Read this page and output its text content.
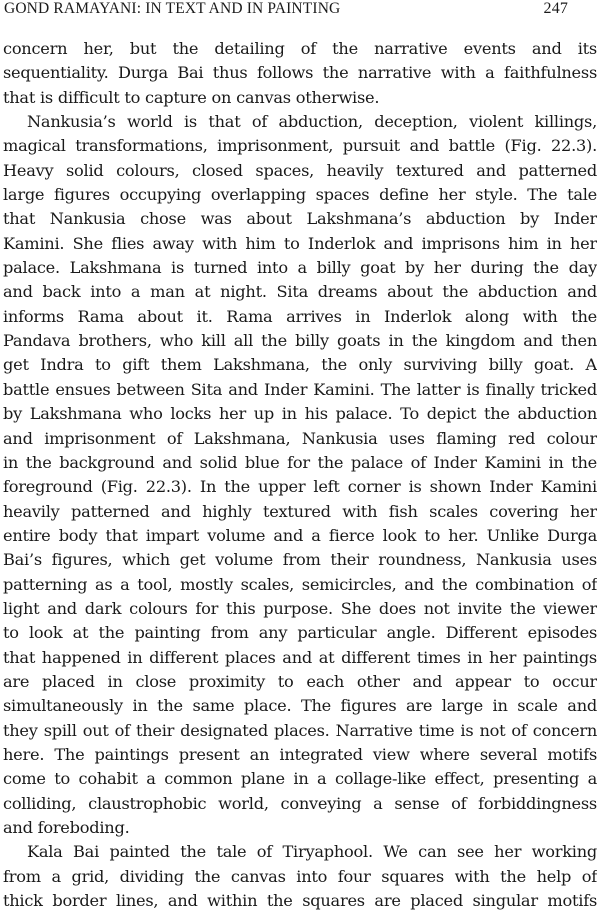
GOND RAMAYANI: IN TEXT AND IN PAINTING	247
concern her, but the detailing of the narrative events and its
sequentiality. Durga Bai thus follows the narrative with a faithfulness
that is difficult to capture on canvas otherwise.
Nankusia’s world is that of abduction, deception, violent killings,
magical transformations, imprisonment, pursuit and battle (Fig. 22.3).
Heavy solid colours, closed spaces, heavily textured and patterned
large figures occupying overlapping spaces define her style. The tale
that Nankusia chose was about Lakshmana’s abduction by Inder
Kamini. She flies away with him to Inderlok and imprisons him in her
palace. Lakshmana is turned into a billy goat by her during the day
and back into a man at night. Sita dreams about the abduction and
informs Rama about it. Rama arrives in Inderlok along with the
Pandava brothers, who kill all the billy goats in the kingdom and then
get Indra to gift them Lakshmana, the only surviving billy goat. A
battle ensues between Sita and Inder Kamini. The latter is finally tricked
by Lakshmana who locks her up in his palace. To depict the abduction
and imprisonment of Lakshmana, Nankusia uses flaming red colour
in the background and solid blue for the palace of Inder Kamini in the
foreground (Fig. 22.3). In the upper left corner is shown Inder Kamini
heavily patterned and highly textured with fish scales covering her
entire body that impart volume and a fierce look to her. Unlike Durga
Bai’s figures, which get volume from their roundness, Nankusia uses
patterning as a tool, mostly scales, semicircles, and the combination of
light and dark colours for this purpose. She does not invite the viewer
to look at the painting from any particular angle. Different episodes
that happened in different places and at different times in her paintings
are placed in close proximity to each other and appear to occur
simultaneously in the same place. The figures are large in scale and
they spill out of their designated places. Narrative time is not of concern
here. The paintings present an integrated view where several motifs
come to cohabit a common plane in a collage-like effect, presenting a
colliding, claustrophobic world, conveying a sense of forbiddingness
and foreboding.
Kala Bai painted the tale of Tiryaphool. We can see her working
from a grid, dividing the canvas into four squares with the help of
thick border lines, and within the squares are placed singular motifs
